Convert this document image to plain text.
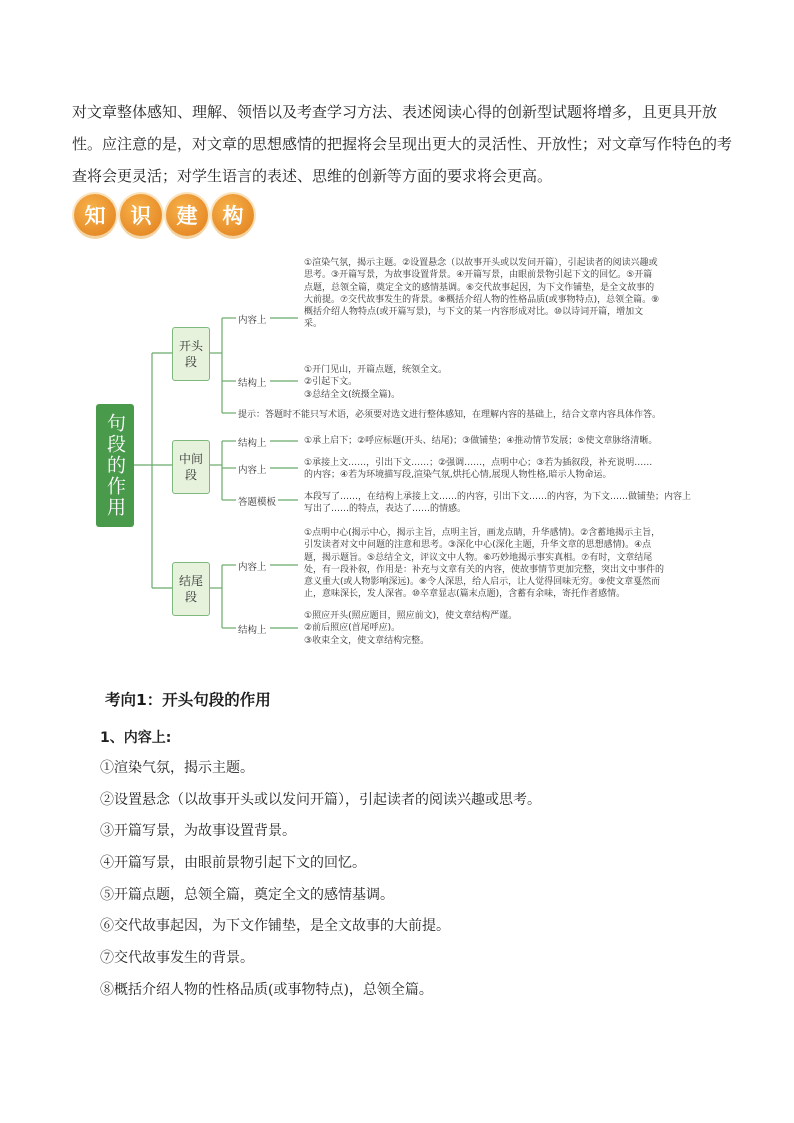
对文章整体感知、理解、领悟以及考查学习方法、表述阅读心得的创新型试题将增多，且更具开放性。应注意的是，对文章的思想感情的把握将会呈现出更大的灵活性、开放性；对文章写作特色的考查将会更灵活；对学生语言的表述、思维的创新等方面的要求将会更高。

知	识	建	构
句段的作用
开头段
内容上

①渲染气氛，揭示主题。②设置悬念（以故事开头或以发问开篇），引起读者的阅读兴趣或思考。③开篇写景，为故事设置背景。④开篇写景，由眼前景物引起下文的回忆。⑤开篇点题，总领全篇，奠定全文的感情基调。⑥交代故事起因，为下文作铺垫，是全文故事的大前提。⑦交代故事发生的背景。⑧概括介绍人物的性格品质(或事物特点)，总领全篇。⑨概括介绍人物特点(或开篇写景)，与下文的某一内容形成对比。⑩以诗词开篇，增加文采。

结构上

①开门见山，开篇点题，统领全文。

②引起下文。

③总结全文(统摄全篇)。

提示：答题时不能只写术语，必须要对选文进行整体感知，在理解内容的基础上，结合文章内容具体作答。

中间段
结构上	①承上启下；②呼应标题(开头、结尾)；③做铺垫；④推动情节发展；⑤使文章脉络清晰。

内容上

①承接上文……，引出下文……；②强调……，点明中心；③若为插叙段，补充说明……的内容；④若为环境描写段,渲染气氛,烘托心情,展现人物性格,暗示人物命运。

答题模板	本段写了……，在结构上承接上文……的内容，引出下文……的内容，为下文……做铺垫；内容上写出了……的特点，表达了……的情感。

结尾段
内容上

①点明中心(揭示中心，揭示主旨，点明主旨，画龙点睛，升华感情)。②含蓄地揭示主旨，引发读者对文中问题的注意和思考。③深化中心(深化主题，升华文章的思想感情)。④点题，揭示题旨。⑤总结全文，评议文中人物。⑥巧妙地揭示事实真相。⑦有时，文章结尾处，有一段补叙，作用是：补充与文章有关的内容，使故事情节更加完整，突出文中事件的意义重大(或人物影响深远)。⑧令人深思，给人启示，让人觉得回味无穷。⑨使文章戛然而止，意味深长，发人深省。⑩卒章显志(篇末点题)，含蓄有余味，寄托作者感情。

结构上

①照应开头(照应题目，照应前文)，使文章结构严谨。

②前后照应(首尾呼应)。

③收束全文，使文章结构完整。

考向1：开头句段的作用
1、内容上:
①渲染气氛，揭示主题。
②设置悬念（以故事开头或以发问开篇），引起读者的阅读兴趣或思考。
③开篇写景，为故事设置背景。
④开篇写景，由眼前景物引起下文的回忆。
⑤开篇点题，总领全篇，奠定全文的感情基调。
⑥交代故事起因，为下文作铺垫，是全文故事的大前提。
⑦交代故事发生的背景。
⑧概括介绍人物的性格品质(或事物特点)，总领全篇。
